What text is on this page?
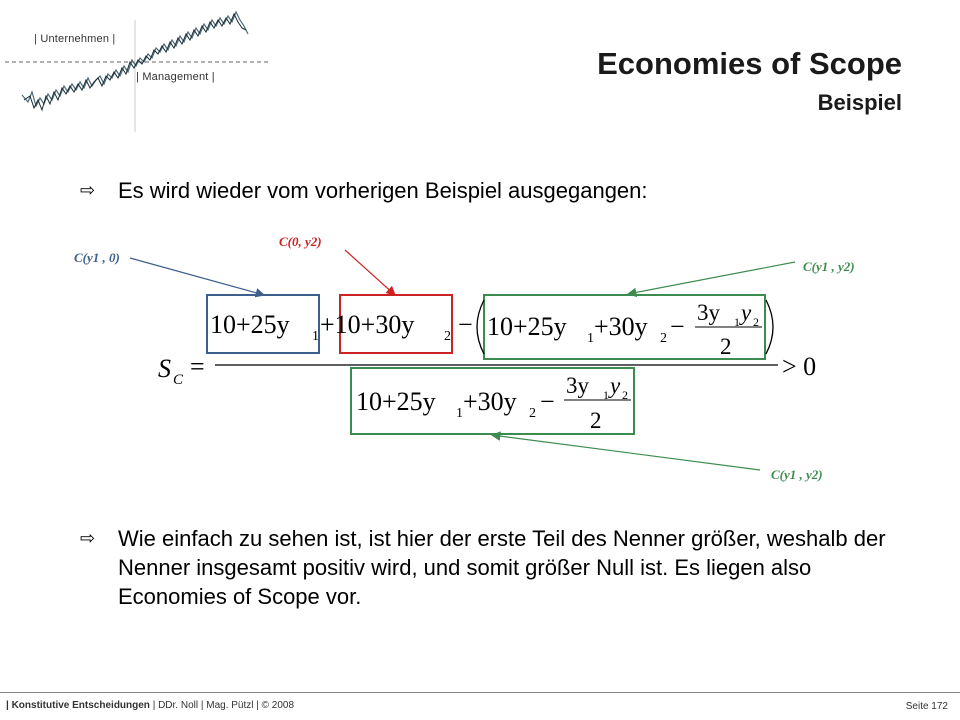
| Unternehmen |
| Management |	Economies of Scope
Beispiel
⇨	Es wird wieder vom vorherigen Beispiel ausgegangen:
S C =
10+25y 1 +10+30y 2 − 10+25y 1 +30y 2 − 3y 1 y 2
2
> 0
10+25y 1 +30y 2 −
3y 1 y 2
2
C(y1 , 0)
C(0, y2)
C(y1 , y2)
C(y1 , y2)
⇨	Wie einfach zu sehen ist, ist hier der erste Teil des Nenner größer, weshalb der Nenner insgesamt positiv wird, und somit größer Null ist. Es liegen also Economies of Scope vor.
| Konstitutive Entscheidungen | DDr. Noll | Mag. Pützl | © 2008	Seite 172
